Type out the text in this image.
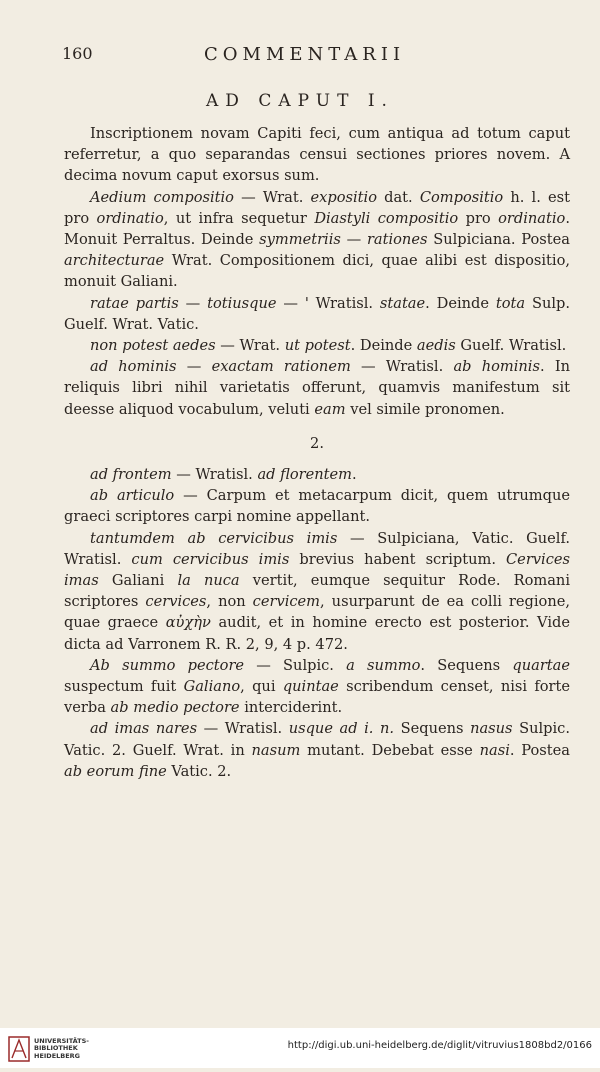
160	COMMENTARII
AD CAPUT I.

Inscriptionem novam Capiti feci, cum antiqua ad totum caput referretur, a quo separandas censui sectiones priores novem. A decima novum caput exorsus sum.

Aedium compositio — Wrat. expositio dat. Compositio h. l. est pro ordinatio, ut infra sequetur Diastyli compositio pro ordinatio. Monuit Perraltus. Deinde symmetriis — rationes Sulpiciana. Postea architecturae Wrat. Compositionem dici, quae alibi est dispositio, monuit Galiani.

ratae partis — totiusque — ' Wratisl. statae. Deinde tota Sulp. Guelf. Wrat. Vatic.

non potest aedes — Wrat. ut potest. Deinde aedis Guelf. Wratisl.

ad hominis — exactam rationem — Wratisl. ab hominis. In reliquis libri nihil varietatis offerunt, quamvis manifestum sit deesse aliquod vocabulum, veluti eam vel simile pronomen.

2.

ad frontem — Wratisl. ad florentem.

ab articulo — Carpum et metacarpum dicit, quem utrumque graeci scriptores carpi nomine appellant.

tantumdem ab cervicibus imis — Sulpiciana, Vatic. Guelf. Wratisl. cum cervicibus imis brevius habent scriptum. Cervices imas Galiani la nuca vertit, eumque sequitur Rode. Romani scriptores cervices, non cervicem, usurparunt de ea colli regione, quae graece αὐχὴν audit, et in homine erecto est posterior. Vide dicta ad Varronem R. R. 2, 9, 4 p. 472.

Ab summo pectore — Sulpic. a summo. Sequens quartae suspectum fuit Galiano, qui quintae scribendum censet, nisi forte verba ab medio pectore interciderint.

ad imas nares — Wratisl. usque ad i. n. Sequens nasus Sulpic. Vatic. 2. Guelf. Wrat. in nasum mutant. Debebat esse nasi. Postea ab eorum fine Vatic. 2.

UNIVERSITÄTS-
BIBLIOTHEK
HEIDELBERG
http://digi.ub.uni-heidelberg.de/diglit/vitruvius1808bd2/0166
